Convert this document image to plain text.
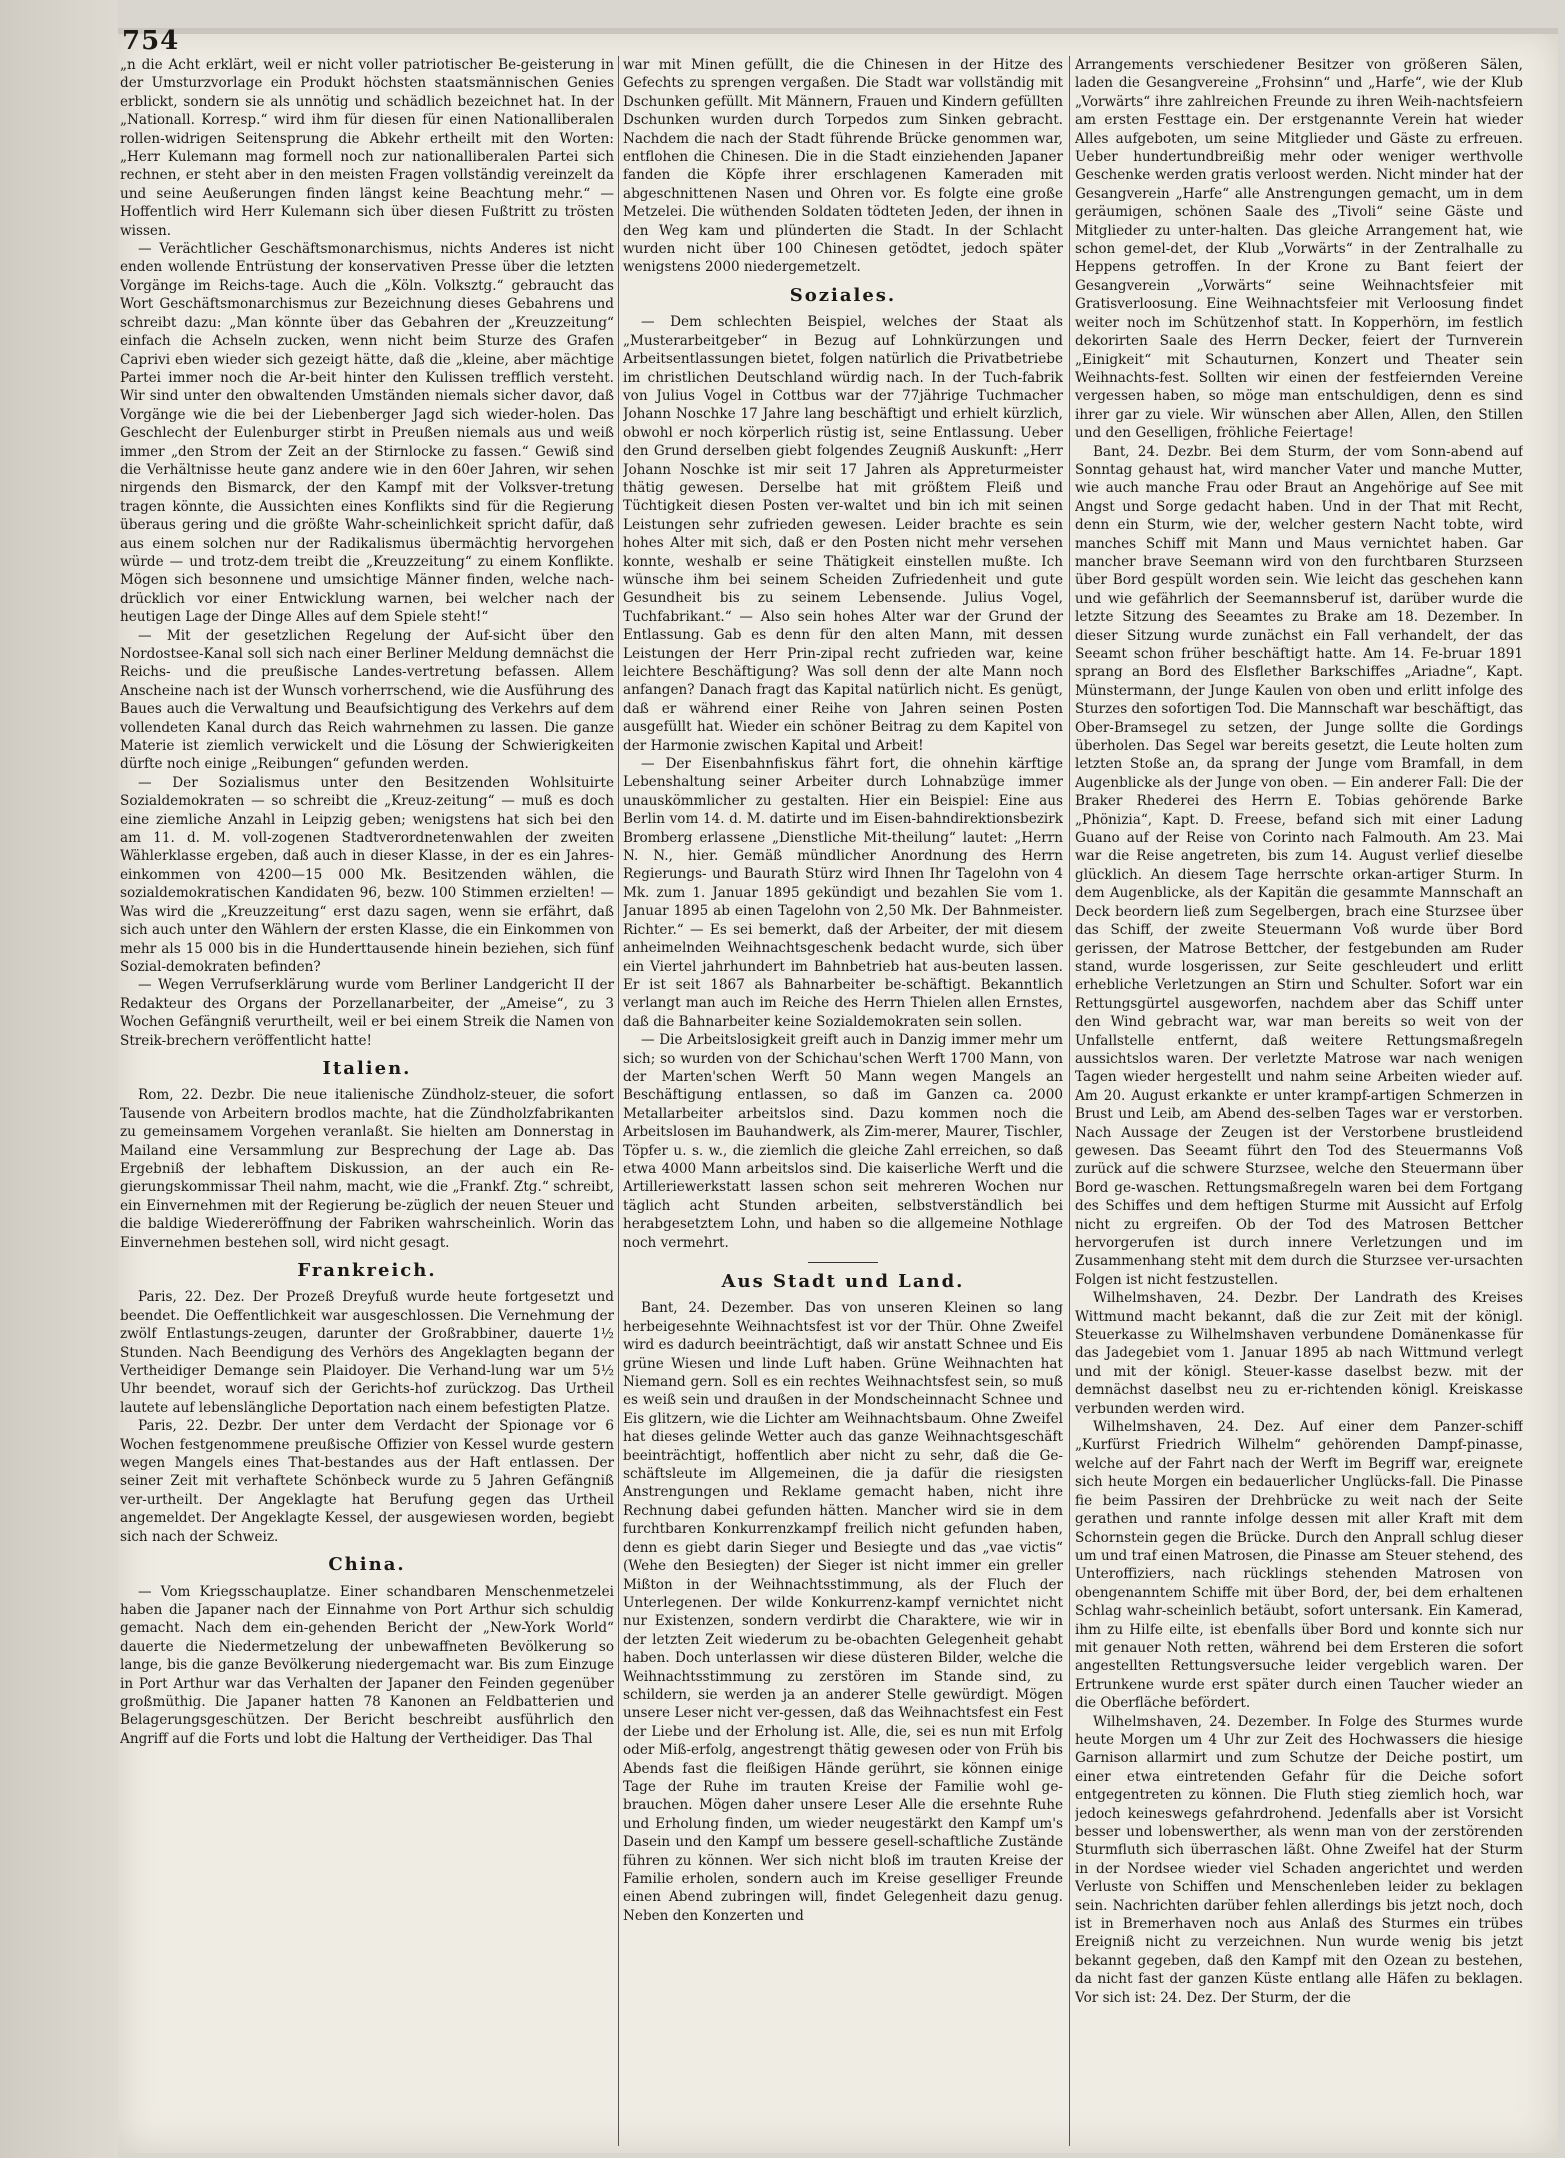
754

„n die Acht erklärt, weil er nicht voller patriotischer Be-geisterung in der Umsturzvorlage ein Produkt höchsten staatsmännischen Genies erblickt, sondern sie als unnötig und schädlich bezeichnet hat. In der „Nationall. Korresp.“ wird ihm für diesen für einen Nationalliberalen rollen-widrigen Seitensprung die Abkehr ertheilt mit den Worten: „Herr Kulemann mag formell noch zur nationalliberalen Partei sich rechnen, er steht aber in den meisten Fragen vollständig vereinzelt da und seine Aeußerungen finden längst keine Beachtung mehr.“ — Hoffentlich wird Herr Kulemann sich über diesen Fußtritt zu trösten wissen.

— Verächtlicher Geschäftsmonarchismus, nichts Anderes ist nicht enden wollende Entrüstung der konservativen Presse über die letzten Vorgänge im Reichs-tage. Auch die „Köln. Volksztg.“ gebraucht das Wort Geschäftsmonarchismus zur Bezeichnung dieses Gebahrens und schreibt dazu: „Man könnte über das Gebahren der „Kreuzzeitung“ einfach die Achseln zucken, wenn nicht beim Sturze des Grafen Caprivi eben wieder sich gezeigt hätte, daß die „kleine, aber mächtige Partei immer noch die Ar-beit hinter den Kulissen trefflich versteht. Wir sind unter den obwaltenden Umständen niemals sicher davor, daß Vorgänge wie die bei der Liebenberger Jagd sich wieder-holen. Das Geschlecht der Eulenburger stirbt in Preußen niemals aus und weiß immer „den Strom der Zeit an der Stirnlocke zu fassen.“ Gewiß sind die Verhältnisse heute ganz andere wie in den 60er Jahren, wir sehen nirgends den Bismarck, der den Kampf mit der Volksver-tretung tragen könnte, die Aussichten eines Konflikts sind für die Regierung überaus gering und die größte Wahr-scheinlichkeit spricht dafür, daß aus einem solchen nur der Radikalismus übermächtig hervorgehen würde — und trotz-dem treibt die „Kreuzzeitung“ zu einem Konflikte. Mögen sich besonnene und umsichtige Männer finden, welche nach-drücklich vor einer Entwicklung warnen, bei welcher nach der heutigen Lage der Dinge Alles auf dem Spiele steht!“

— Mit der gesetzlichen Regelung der Auf-sicht über den Nordostsee-Kanal soll sich nach einer Berliner Meldung demnächst die Reichs- und die preußische Landes-vertretung befassen. Allem Anscheine nach ist der Wunsch vorherrschend, wie die Ausführung des Baues auch die Verwaltung und Beaufsichtigung des Verkehrs auf dem vollendeten Kanal durch das Reich wahrnehmen zu lassen. Die ganze Materie ist ziemlich verwickelt und die Lösung der Schwierigkeiten dürfte noch einige „Reibungen“ gefunden werden.

— Der Sozialismus unter den Besitzenden Wohlsituirte Sozialdemokraten — so schreibt die „Kreuz-zeitung“ — muß es doch eine ziemliche Anzahl in Leipzig geben; wenigstens hat sich bei den am 11. d. M. voll-zogenen Stadtverordnetenwahlen der zweiten Wählerklasse ergeben, daß auch in dieser Klasse, in der es ein Jahres-einkommen von 4200—15 000 Mk. Besitzenden wählen, die sozialdemokratischen Kandidaten 96, bezw. 100 Stimmen erzielten! — Was wird die „Kreuzzeitung“ erst dazu sagen, wenn sie erfährt, daß sich auch unter den Wählern der ersten Klasse, die ein Einkommen von mehr als 15 000 bis in die Hunderttausende hinein beziehen, sich fünf Sozial-demokraten befinden?

— Wegen Verrufserklärung wurde vom Berliner Landgericht II der Redakteur des Organs der Porzellanarbeiter, der „Ameise“, zu 3 Wochen Gefängniß verurtheilt, weil er bei einem Streik die Namen von Streik-brechern veröffentlicht hatte!

Italien.

Rom, 22. Dezbr. Die neue italienische Zündholz-steuer, die sofort Tausende von Arbeitern brodlos machte, hat die Zündholzfabrikanten zu gemeinsamem Vorgehen veranlaßt. Sie hielten am Donnerstag in Mailand eine Versammlung zur Besprechung der Lage ab. Das Ergebniß der lebhaftem Diskussion, an der auch ein Re-gierungskommissar Theil nahm, macht, wie die „Frankf. Ztg.“ schreibt, ein Einvernehmen mit der Regierung be-züglich der neuen Steuer und die baldige Wiedereröffnung der Fabriken wahrscheinlich. Worin das Einvernehmen bestehen soll, wird nicht gesagt.

Frankreich.

Paris, 22. Dez. Der Prozeß Dreyfuß wurde heute fortgesetzt und beendet. Die Oeffentlichkeit war ausgeschlossen. Die Vernehmung der zwölf Entlastungs-zeugen, darunter der Großrabbiner, dauerte 1½ Stunden. Nach Beendigung des Verhörs des Angeklagten begann der Vertheidiger Demange sein Plaidoyer. Die Verhand-lung war um 5½ Uhr beendet, worauf sich der Gerichts-hof zurückzog. Das Urtheil lautete auf lebenslängliche Deportation nach einem befestigten Platze.

Paris, 22. Dezbr. Der unter dem Verdacht der Spionage vor 6 Wochen festgenommene preußische Offizier von Kessel wurde gestern wegen Mangels eines That-bestandes aus der Haft entlassen. Der seiner Zeit mit verhaftete Schönbeck wurde zu 5 Jahren Gefängniß ver-urtheilt. Der Angeklagte hat Berufung gegen das Urtheil angemeldet. Der Angeklagte Kessel, der ausgewiesen worden, begiebt sich nach der Schweiz.

China.

— Vom Kriegsschauplatze. Einer schandbaren Menschenmetzelei haben die Japaner nach der Einnahme von Port Arthur sich schuldig gemacht. Nach dem ein-gehenden Bericht der „New-York World“ dauerte die Niedermetzelung der unbewaffneten Bevölkerung so lange, bis die ganze Bevölkerung niedergemacht war. Bis zum Einzuge in Port Arthur war das Verhalten der Japaner den Feinden gegenüber großmüthig. Die Japaner hatten 78 Kanonen an Feldbatterien und Belagerungsgeschützen. Der Bericht beschreibt ausführlich den Angriff auf die Forts und lobt die Haltung der Vertheidiger. Das Thal

war mit Minen gefüllt, die die Chinesen in der Hitze des Gefechts zu sprengen vergaßen. Die Stadt war vollständig mit Dschunken gefüllt. Mit Männern, Frauen und Kindern gefüllten Dschunken wurden durch Torpedos zum Sinken gebracht. Nachdem die nach der Stadt führende Brücke genommen war, entflohen die Chinesen. Die in die Stadt einziehenden Japaner fanden die Köpfe ihrer erschlagenen Kameraden mit abgeschnittenen Nasen und Ohren vor. Es folgte eine große Metzelei. Die wüthenden Soldaten tödteten Jeden, der ihnen in den Weg kam und plünderten die Stadt. In der Schlacht wurden nicht über 100 Chinesen getödtet, jedoch später wenigstens 2000 niedergemetzelt.

Soziales.

— Dem schlechten Beispiel, welches der Staat als „Musterarbeitgeber“ in Bezug auf Lohnkürzungen und Arbeitsentlassungen bietet, folgen natürlich die Privatbetriebe im christlichen Deutschland würdig nach. In der Tuch-fabrik von Julius Vogel in Cottbus war der 77jährige Tuchmacher Johann Noschke 17 Jahre lang beschäftigt und erhielt kürzlich, obwohl er noch körperlich rüstig ist, seine Entlassung. Ueber den Grund derselben giebt folgendes Zeugniß Auskunft: „Herr Johann Noschke ist mir seit 17 Jahren als Appreturmeister thätig gewesen. Derselbe hat mit größtem Fleiß und Tüchtigkeit diesen Posten ver-waltet und bin ich mit seinen Leistungen sehr zufrieden gewesen. Leider brachte es sein hohes Alter mit sich, daß er den Posten nicht mehr versehen konnte, weshalb er seine Thätigkeit einstellen mußte. Ich wünsche ihm bei seinem Scheiden Zufriedenheit und gute Gesundheit bis zu seinem Lebensende. Julius Vogel, Tuchfabrikant.“ — Also sein hohes Alter war der Grund der Entlassung. Gab es denn für den alten Mann, mit dessen Leistungen der Herr Prin-zipal recht zufrieden war, keine leichtere Beschäftigung? Was soll denn der alte Mann noch anfangen? Danach fragt das Kapital natürlich nicht. Es genügt, daß er während einer Reihe von Jahren seinen Posten ausgefüllt hat. Wieder ein schöner Beitrag zu dem Kapitel von der Harmonie zwischen Kapital und Arbeit!

— Der Eisenbahnfiskus fährt fort, die ohnehin kärftige Lebenshaltung seiner Arbeiter durch Lohnabzüge immer unauskömmlicher zu gestalten. Hier ein Beispiel: Eine aus Berlin vom 14. d. M. datirte und im Eisen-bahndirektionsbezirk Bromberg erlassene „Dienstliche Mit-theilung“ lautet: „Herrn N. N., hier. Gemäß mündlicher Anordnung des Herrn Regierungs- und Baurath Stürz wird Ihnen Ihr Tagelohn von 4 Mk. zum 1. Januar 1895 gekündigt und bezahlen Sie vom 1. Januar 1895 ab einen Tagelohn von 2,50 Mk. Der Bahnmeister. Richter.“ — Es sei bemerkt, daß der Arbeiter, der mit diesem anheimelnden Weihnachtsgeschenk bedacht wurde, sich über ein Viertel jahrhundert im Bahnbetrieb hat aus-beuten lassen. Er ist seit 1867 als Bahnarbeiter be-schäftigt. Bekanntlich verlangt man auch im Reiche des Herrn Thielen allen Ernstes, daß die Bahnarbeiter keine Sozialdemokraten sein sollen.

— Die Arbeitslosigkeit greift auch in Danzig immer mehr um sich; so wurden von der Schichau'schen Werft 1700 Mann, von der Marten'schen Werft 50 Mann wegen Mangels an Beschäftigung entlassen, so daß im Ganzen ca. 2000 Metallarbeiter arbeitslos sind. Dazu kommen noch die Arbeitslosen im Bauhandwerk, als Zim-merer, Maurer, Tischler, Töpfer u. s. w., die ziemlich die gleiche Zahl erreichen, so daß etwa 4000 Mann arbeitslos sind. Die kaiserliche Werft und die Artilleriewerkstatt lassen schon seit mehreren Wochen nur täglich acht Stunden arbeiten, selbstverständlich bei herabgesetztem Lohn, und haben so die allgemeine Nothlage noch vermehrt.

Aus Stadt und Land.

Bant, 24. Dezember. Das von unseren Kleinen so lang herbeigesehnte Weihnachtsfest ist vor der Thür. Ohne Zweifel wird es dadurch beeinträchtigt, daß wir anstatt Schnee und Eis grüne Wiesen und linde Luft haben. Grüne Weihnachten hat Niemand gern. Soll es ein rechtes Weihnachtsfest sein, so muß es weiß sein und draußen in der Mondscheinnacht Schnee und Eis glitzern, wie die Lichter am Weihnachtsbaum. Ohne Zweifel hat dieses gelinde Wetter auch das ganze Weihnachtsgeschäft beeinträchtigt, hoffentlich aber nicht zu sehr, daß die Ge-schäftsleute im Allgemeinen, die ja dafür die riesigsten Anstrengungen und Reklame gemacht haben, nicht ihre Rechnung dabei gefunden hätten. Mancher wird sie in dem furchtbaren Konkurrenzkampf freilich nicht gefunden haben, denn es giebt darin Sieger und Besiegte und das „vae victis“ (Wehe den Besiegten) der Sieger ist nicht immer ein greller Mißton in der Weihnachtsstimmung, als der Fluch der Unterlegenen. Der wilde Konkurrenz-kampf vernichtet nicht nur Existenzen, sondern verdirbt die Charaktere, wie wir in der letzten Zeit wiederum zu be-obachten Gelegenheit gehabt haben. Doch unterlassen wir diese düsteren Bilder, welche die Weihnachtsstimmung zu zerstören im Stande sind, zu schildern, sie werden ja an anderer Stelle gewürdigt. Mögen unsere Leser nicht ver-gessen, daß das Weihnachtsfest ein Fest der Liebe und der Erholung ist. Alle, die, sei es nun mit Erfolg oder Miß-erfolg, angestrengt thätig gewesen oder von Früh bis Abends fast die fleißigen Hände gerührt, sie können einige Tage der Ruhe im trauten Kreise der Familie wohl ge-brauchen. Mögen daher unsere Leser Alle die ersehnte Ruhe und Erholung finden, um wieder neugestärkt den Kampf um's Dasein und den Kampf um bessere gesell-schaftliche Zustände führen zu können. Wer sich nicht bloß im trauten Kreise der Familie erholen, sondern auch im Kreise geselliger Freunde einen Abend zubringen will, findet Gelegenheit dazu genug. Neben den Konzerten und

Arrangements verschiedener Besitzer von größeren Sälen, laden die Gesangvereine „Frohsinn“ und „Harfe“, wie der Klub „Vorwärts“ ihre zahlreichen Freunde zu ihren Weih-nachtsfeiern am ersten Festtage ein. Der erstgenannte Verein hat wieder Alles aufgeboten, um seine Mitglieder und Gäste zu erfreuen. Ueber hundertundbreißig mehr oder weniger werthvolle Geschenke werden gratis verloost werden. Nicht minder hat der Gesangverein „Harfe“ alle Anstrengungen gemacht, um in dem geräumigen, schönen Saale des „Tivoli“ seine Gäste und Mitglieder zu unter-halten. Das gleiche Arrangement hat, wie schon gemel-det, der Klub „Vorwärts“ in der Zentralhalle zu Heppens getroffen. In der Krone zu Bant feiert der Gesangverein „Vorwärts“ seine Weihnachtsfeier mit Gratisverloosung. Eine Weihnachtsfeier mit Verloosung findet weiter noch im Schützenhof statt. In Kopperhörn, im festlich dekorirten Saale des Herrn Decker, feiert der Turnverein „Einigkeit“ mit Schauturnen, Konzert und Theater sein Weihnachts-fest. Sollten wir einen der festfeiernden Vereine vergessen haben, so möge man entschuldigen, denn es sind ihrer gar zu viele. Wir wünschen aber Allen, Allen, den Stillen und den Geselligen, fröhliche Feiertage!

Bant, 24. Dezbr. Bei dem Sturm, der vom Sonn-abend auf Sonntag gehaust hat, wird mancher Vater und manche Mutter, wie auch manche Frau oder Braut an Angehörige auf See mit Angst und Sorge gedacht haben. Und in der That mit Recht, denn ein Sturm, wie der, welcher gestern Nacht tobte, wird manches Schiff mit Mann und Maus vernichtet haben. Gar mancher brave Seemann wird von den furchtbaren Sturzseen über Bord gespült worden sein. Wie leicht das geschehen kann und wie gefährlich der Seemannsberuf ist, darüber wurde die letzte Sitzung des Seeamtes zu Brake am 18. Dezember. In dieser Sitzung wurde zunächst ein Fall verhandelt, der das Seeamt schon früher beschäftigt hatte. Am 14. Fe-bruar 1891 sprang an Bord des Elsflether Barkschiffes „Ariadne“, Kapt. Münstermann, der Junge Kaulen von oben und erlitt infolge des Sturzes den sofortigen Tod. Die Mannschaft war beschäftigt, das Ober-Bramsegel zu setzen, der Junge sollte die Gordings überholen. Das Segel war bereits gesetzt, die Leute holten zum letzten Stoße an, da sprang der Junge vom Bramfall, in dem Augenblicke als der Junge von oben. — Ein anderer Fall: Die der Braker Rhederei des Herrn E. Tobias gehörende Barke „Phönizia“, Kapt. D. Freese, befand sich mit einer Ladung Guano auf der Reise von Corinto nach Falmouth. Am 23. Mai war die Reise angetreten, bis zum 14. August verlief dieselbe glücklich. An diesem Tage herrschte orkan-artiger Sturm. In dem Augenblicke, als der Kapitän die gesammte Mannschaft an Deck beordern ließ zum Segelbergen, brach eine Sturzsee über das Schiff, der zweite Steuermann Voß wurde über Bord gerissen, der Matrose Bettcher, der festgebunden am Ruder stand, wurde losgerissen, zur Seite geschleudert und erlitt erhebliche Verletzungen an Stirn und Schulter. Sofort war ein Rettungsgürtel ausgeworfen, nachdem aber das Schiff unter den Wind gebracht war, war man bereits so weit von der Unfallstelle entfernt, daß weitere Rettungsmaßregeln aussichtslos waren. Der verletzte Matrose war nach wenigen Tagen wieder hergestellt und nahm seine Arbeiten wieder auf. Am 20. August erkankte er unter krampf-artigen Schmerzen in Brust und Leib, am Abend des-selben Tages war er verstorben. Nach Aussage der Zeugen ist der Verstorbene brustleidend gewesen. Das Seeamt führt den Tod des Steuermanns Voß zurück auf die schwere Sturzsee, welche den Steuermann über Bord ge-waschen. Rettungsmaßregeln waren bei dem Fortgang des Schiffes und dem heftigen Sturme mit Aussicht auf Erfolg nicht zu ergreifen. Ob der Tod des Matrosen Bettcher hervorgerufen ist durch innere Verletzungen und im Zusammenhang steht mit dem durch die Sturzsee ver-ursachten Folgen ist nicht festzustellen.

Wilhelmshaven, 24. Dezbr. Der Landrath des Kreises Wittmund macht bekannt, daß die zur Zeit mit der königl. Steuerkasse zu Wilhelmshaven verbundene Domänenkasse für das Jadegebiet vom 1. Januar 1895 ab nach Wittmund verlegt und mit der königl. Steuer-kasse daselbst bezw. mit der demnächst daselbst neu zu er-richtenden königl. Kreiskasse verbunden werden wird.

Wilhelmshaven, 24. Dez. Auf einer dem Panzer-schiff „Kurfürst Friedrich Wilhelm“ gehörenden Dampf-pinasse, welche auf der Fahrt nach der Werft im Begriff war, ereignete sich heute Morgen ein bedauerlicher Unglücks-fall. Die Pinasse fie beim Passiren der Drehbrücke zu weit nach der Seite gerathen und rannte infolge dessen mit aller Kraft mit dem Schornstein gegen die Brücke. Durch den Anprall schlug dieser um und traf einen Matrosen, die Pinasse am Steuer stehend, des Unteroffiziers, nach rücklings stehenden Matrosen von obengenanntem Schiffe mit über Bord, der, bei dem erhaltenen Schlag wahr-scheinlich betäubt, sofort untersank. Ein Kamerad, ihm zu Hilfe eilte, ist ebenfalls über Bord und konnte sich nur mit genauer Noth retten, während bei dem Ersteren die sofort angestellten Rettungsversuche leider vergeblich waren. Der Ertrunkene wurde erst später durch einen Taucher wieder an die Oberfläche befördert.

Wilhelmshaven, 24. Dezember. In Folge des Sturmes wurde heute Morgen um 4 Uhr zur Zeit des Hochwassers die hiesige Garnison allarmirt und zum Schutze der Deiche postirt, um einer etwa eintretenden Gefahr für die Deiche sofort entgegentreten zu können. Die Fluth stieg ziemlich hoch, war jedoch keineswegs gefahrdrohend. Jedenfalls aber ist Vorsicht besser und lobenswerther, als wenn man von der zerstörenden Sturmfluth sich überraschen läßt. Ohne Zweifel hat der Sturm in der Nordsee wieder viel Schaden angerichtet und werden Verluste von Schiffen und Menschenleben leider zu beklagen sein. Nachrichten darüber fehlen allerdings bis jetzt noch, doch ist in Bremerhaven noch aus Anlaß des Sturmes ein trübes Ereigniß nicht zu verzeichnen. Nun wurde wenig bis jetzt bekannt gegeben, daß den Kampf mit den Ozean zu bestehen, da nicht fast der ganzen Küste entlang alle Häfen zu beklagen. Vor sich ist: 24. Dez. Der Sturm, der die
